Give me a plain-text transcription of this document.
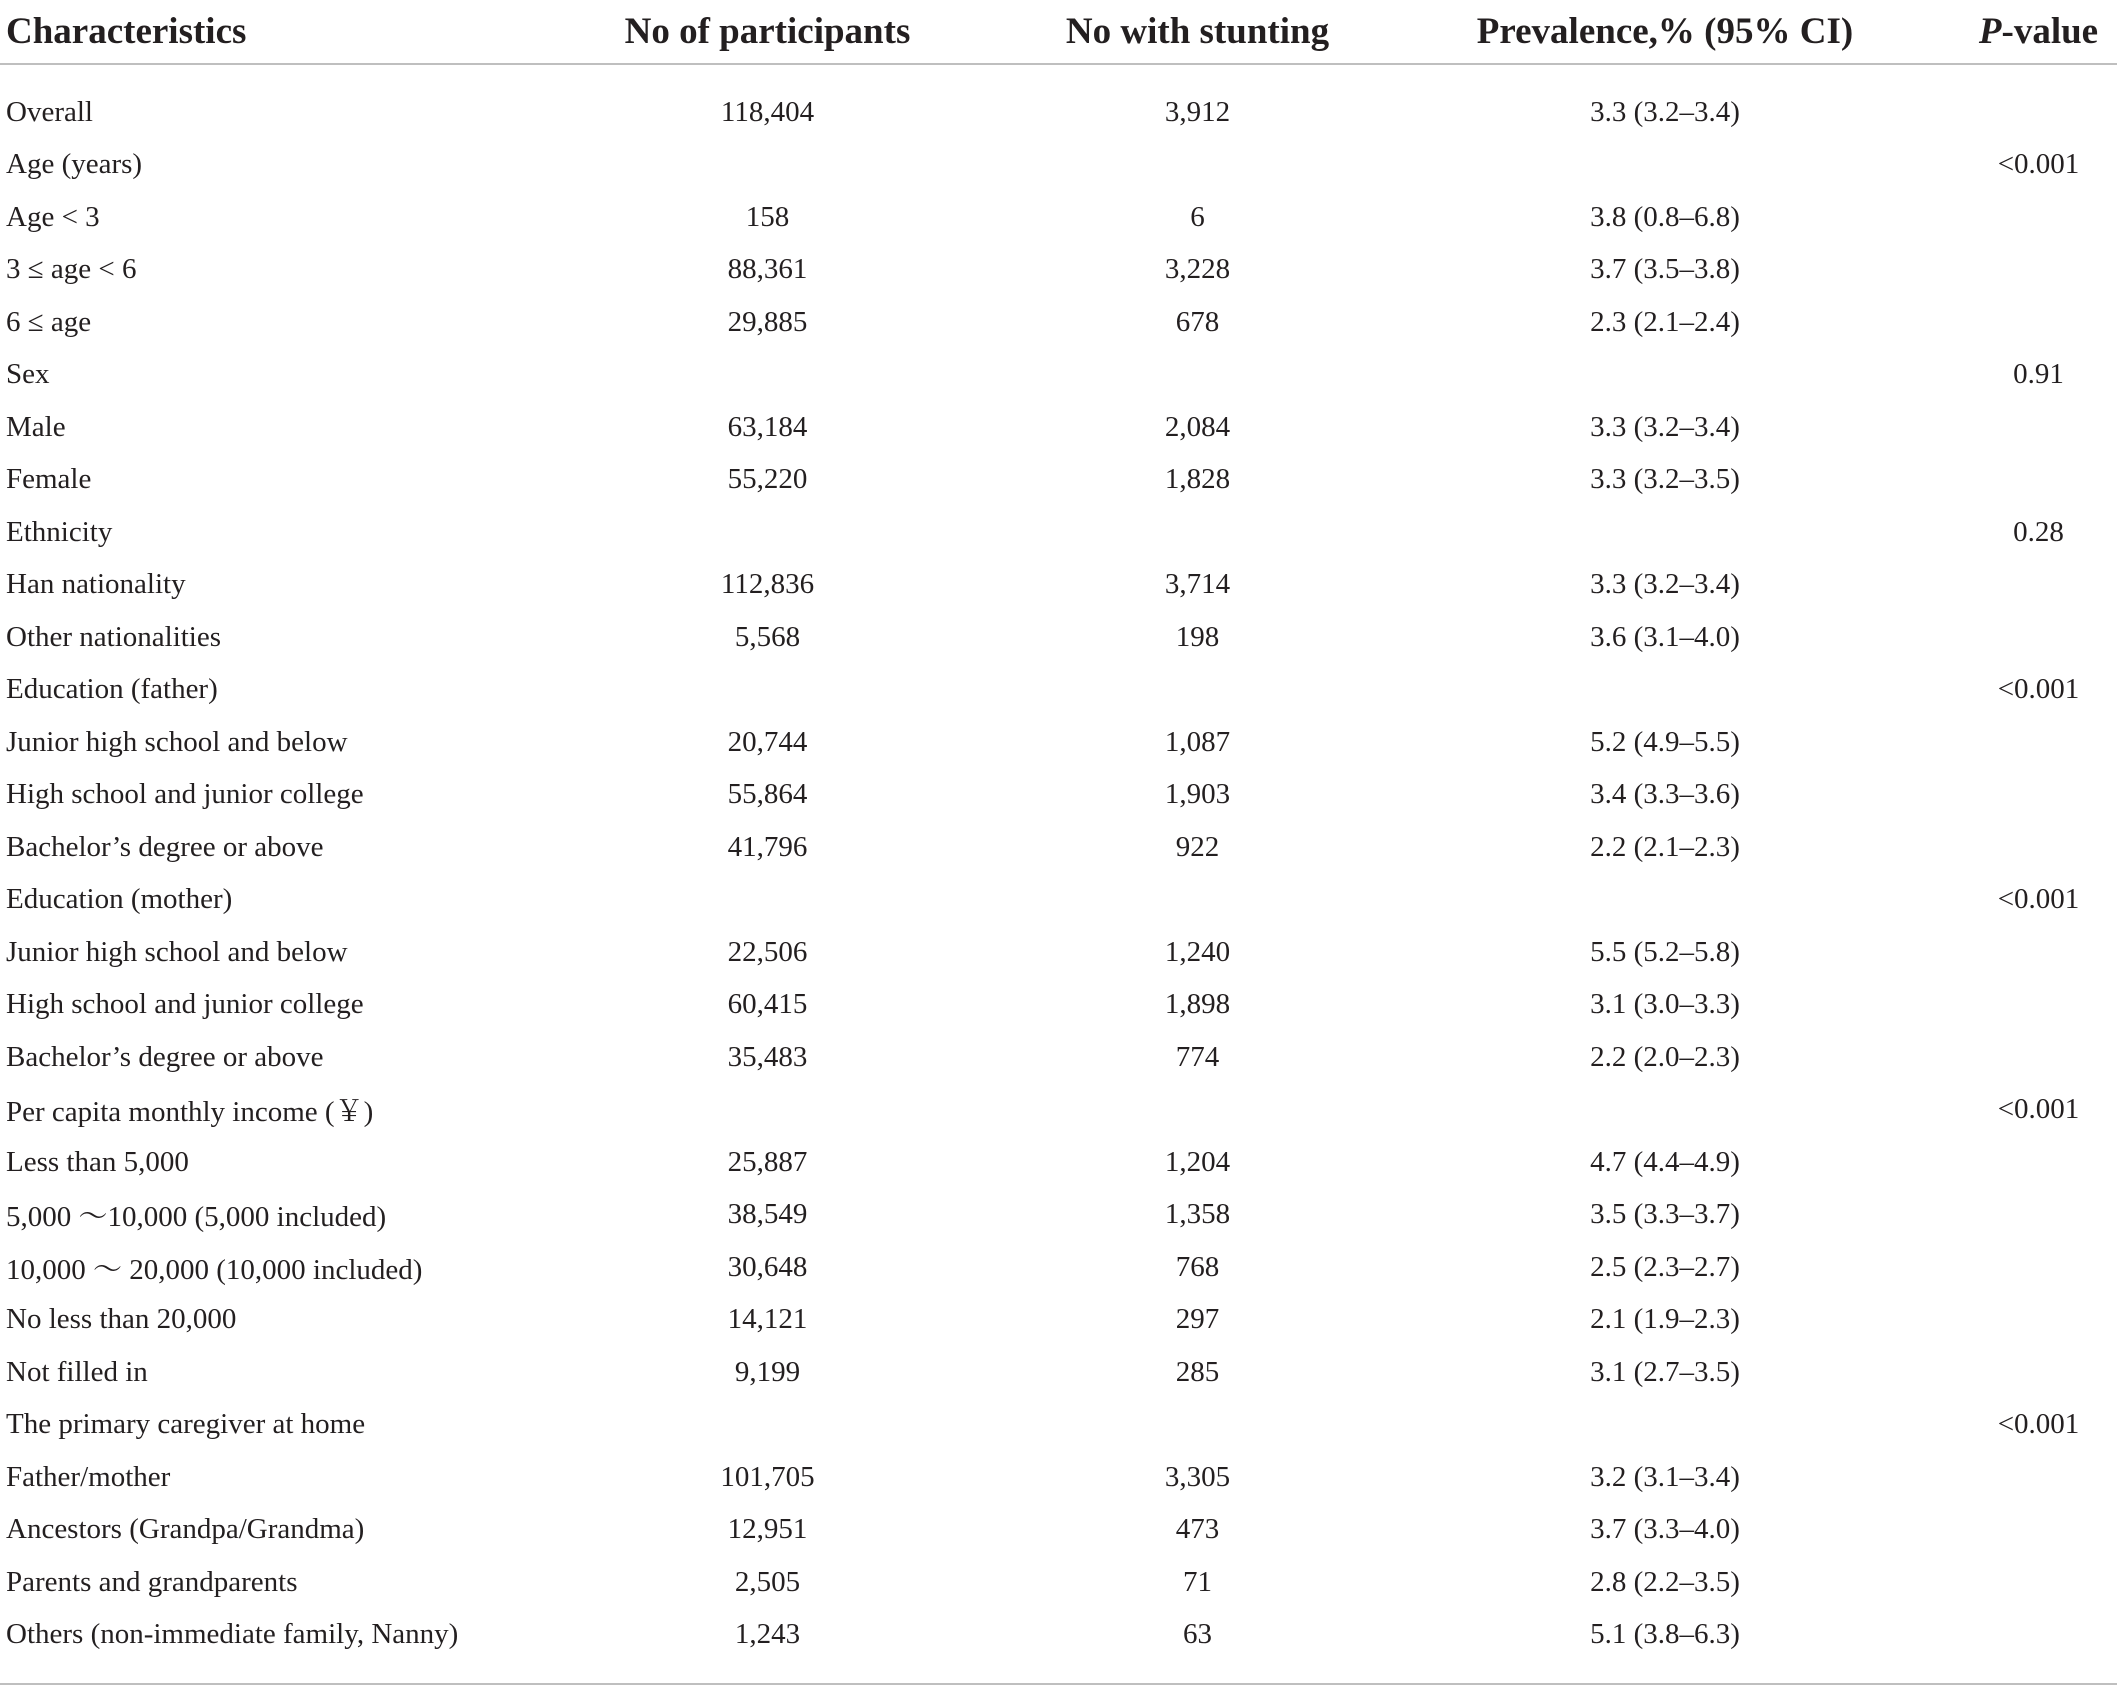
Characteristics	No of participants	No with stunting	Prevalence,% (95% CI)	P-value

Overall	118,404	3,912	3.3 (3.2–3.4)	
Age (years)				<0.001
Age < 3	158	6	3.8 (0.8–6.8)	
3 ≤ age < 6	88,361	3,228	3.7 (3.5–3.8)	
6 ≤ age	29,885	678	2.3 (2.1–2.4)	
Sex				0.91
Male	63,184	2,084	3.3 (3.2–3.4)	
Female	55,220	1,828	3.3 (3.2–3.5)	
Ethnicity				0.28
Han nationality	112,836	3,714	3.3 (3.2–3.4)	
Other nationalities	5,568	198	3.6 (3.1–4.0)	
Education (father)				<0.001
Junior high school and below	20,744	1,087	5.2 (4.9–5.5)	
High school and junior college	55,864	1,903	3.4 (3.3–3.6)	
Bachelor’s degree or above	41,796	922	2.2 (2.1–2.3)	
Education (mother)				<0.001
Junior high school and below	22,506	1,240	5.5 (5.2–5.8)	
High school and junior college	60,415	1,898	3.1 (3.0–3.3)	
Bachelor’s degree or above	35,483	774	2.2 (2.0–2.3)	
Per capita monthly income (￥)				<0.001
Less than 5,000	25,887	1,204	4.7 (4.4–4.9)	
5,000 ～10,000 (5,000 included)	38,549	1,358	3.5 (3.3–3.7)	
10,000 ～ 20,000 (10,000 included)	30,648	768	2.5 (2.3–2.7)	
No less than 20,000	14,121	297	2.1 (1.9–2.3)	
Not filled in	9,199	285	3.1 (2.7–3.5)	
The primary caregiver at home				<0.001
Father/mother	101,705	3,305	3.2 (3.1–3.4)	
Ancestors (Grandpa/Grandma)	12,951	473	3.7 (3.3–4.0)	
Parents and grandparents	2,505	71	2.8 (2.2–3.5)	
Others (non-immediate family, Nanny)	1,243	63	5.1 (3.8–6.3)	
